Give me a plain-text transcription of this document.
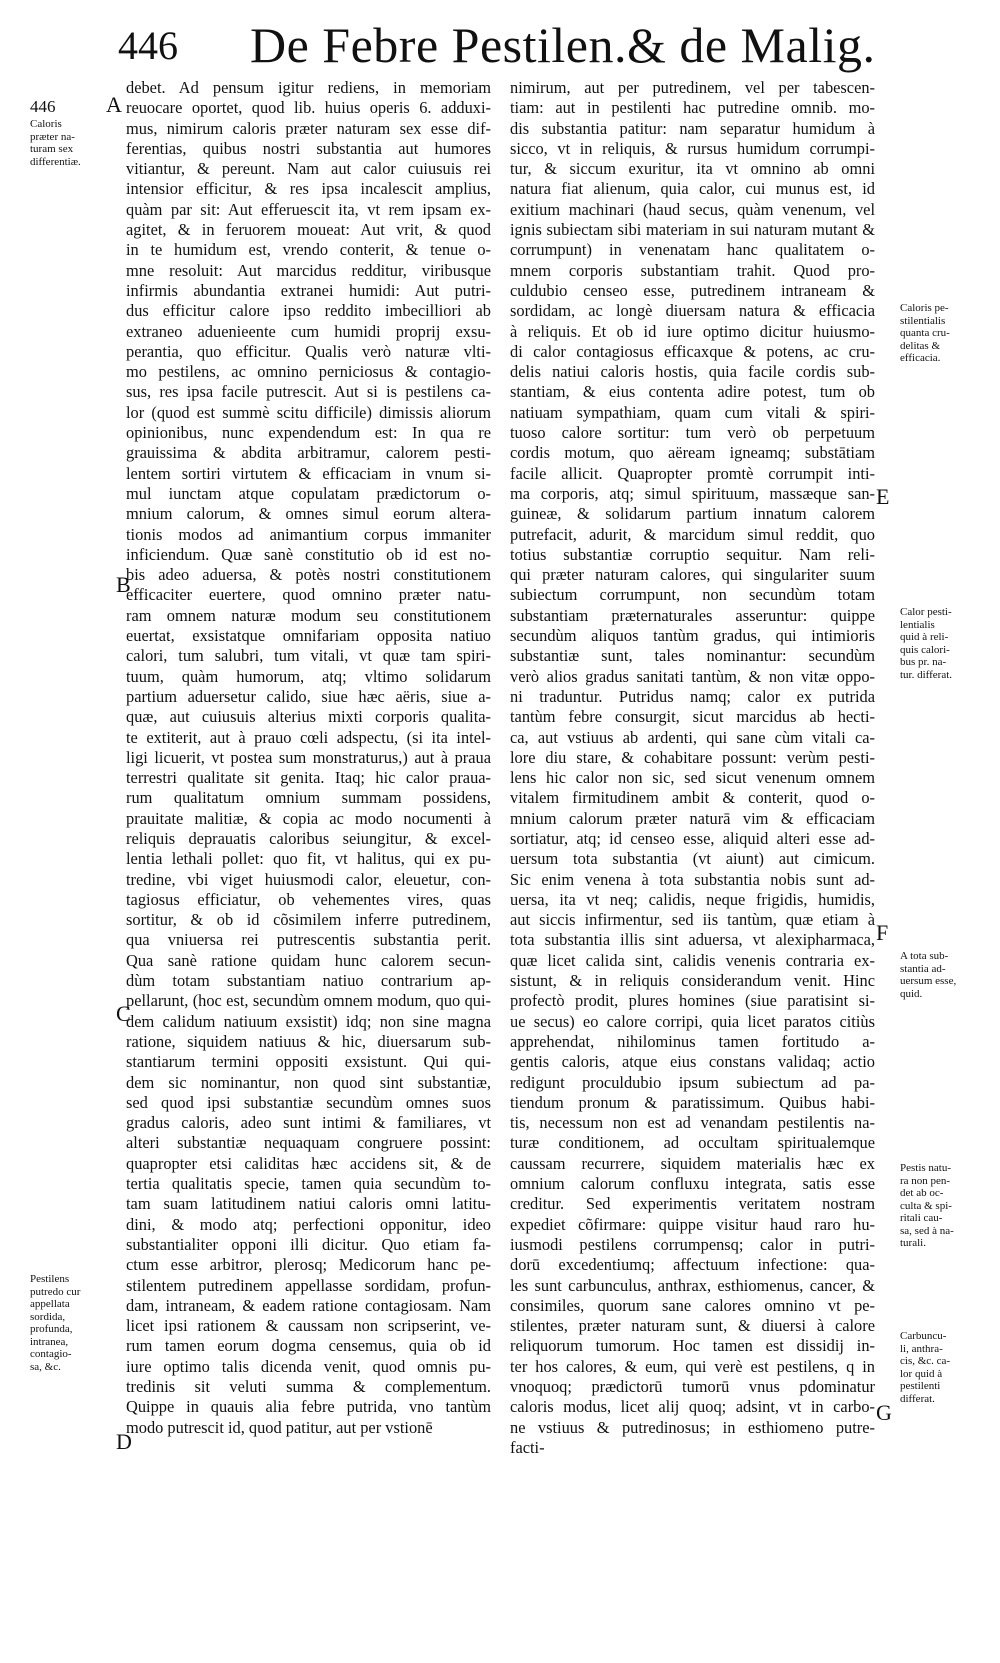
446 De Febre Pestilen.& de Malig.
446
Caloris
præter na-
turam sex
differentiæ.
Pestilens
putredo cur
appellata
sordida,
profunda,
intranea,
contagio-
sa, &c.
Caloris pe-
stilentialis
quanta cru-
delitas &
efficacia.
Calor pesti-
lentialis
quid à reli-
quis calori-
bus pr. na-
tur. differat.
A tota sub-
stantia ad-
uersum esse,
quid.
Pestis natu-
ra non pen-
det ab oc-
culta & spi-
ritali cau-
sa, sed à na-
turali.
Carbuncu-
li, anthra-
cis, &c. ca-
lor quid à
pestilenti
differat.
A
B
C
D
E
F
G
debet. Ad pensum igitur rediens, in memoriam
reuocare oportet, quod lib. huius operis 6. adduxi-
mus, nimirum caloris præter naturam sex esse dif-
ferentias, quibus nostri substantia aut humores
vitiantur, & pereunt. Nam aut calor cuiusuis rei
intensior efficitur, & res ipsa incalescit amplius,
quàm par sit: Aut efferuescit ita, vt rem ipsam ex-
agitet, & in feruorem moueat: Aut vrit, & quod
in te humidum est, vrendo conterit, & tenue o-
mne resoluit: Aut marcidus redditur, viribusque
infirmis abundantia extranei humidi: Aut putri-
dus efficitur calore ipso reddito imbecilliori ab
extraneo aduenieente cum humidi proprij exsu-
perantia, quo efficitur. Qualis verò naturæ vlti-
mo pestilens, ac omnino perniciosus & contagio-
sus, res ipsa facile putrescit. Aut si is pestilens ca-
lor (quod est summè scitu difficile) dimissis aliorum
opinionibus, nunc expendendum est: In qua re
grauissima & abdita arbitramur, calorem pesti-
lentem sortiri virtutem & efficaciam in vnum si-
mul iunctam atque copulatam prædictorum o-
mnium calorum, & omnes simul eorum altera-
tionis modos ad animantium corpus immaniter
inficiendum. Quæ sanè constitutio ob id est no-
bis adeo aduersa, & potès nostri constitutionem
efficaciter euertere, quod omnino præter natu-
ram omnem naturæ modum seu constitutionem
euertat, exsistatque omnifariam opposita natiuo
calori, tum salubri, tum vitali, vt quæ tam spiri-
tuum, quàm humorum, atq; vltimo solidarum
partium aduersetur calido, siue hæc aëris, siue a-
quæ, aut cuiusuis alterius mixti corporis qualita-
te extiterit, aut à prauo cœli adspectu, (si ita intel-
ligi licuerit, vt postea sum monstraturus,) aut à praua
terrestri qualitate sit genita. Itaq; hic calor praua-
rum qualitatum omnium summam possidens,
prauitate malitiæ, & copia ac modo nocumenti à
reliquis deprauatis caloribus seiungitur, & excel-
lentia lethali pollet: quo fit, vt halitus, qui ex pu-
tredine, vbi viget huiusmodi calor, eleuetur, con-
tagiosus efficiatur, ob vehementes vires, quas
sortitur, & ob id cõsimilem inferre putredinem,
qua vniuersa rei putrescentis substantia perit.
Qua sanè ratione quidam hunc calorem secun-
dùm totam substantiam natiuo contrarium ap-
pellarunt, (hoc est, secundùm omnem modum, quo qui-
dem calidum natiuum exsistit) idq; non sine magna
ratione, siquidem natiuus & hic, diuersarum sub-
stantiarum termini oppositi exsistunt. Qui qui-
dem sic nominantur, non quod sint substantiæ,
sed quod ipsi substantiæ secundùm omnes suos
gradus caloris, adeo sunt intimi & familiares, vt
alteri substantiæ nequaquam congruere possint:
quapropter etsi caliditas hæc accidens sit, & de
tertia qualitatis specie, tamen quia secundùm to-
tam suam latitudinem natiui caloris omni latitu-
dini, & modo atq; perfectioni opponitur, ideo
substantialiter opponi illi dicitur. Quo etiam fa-
ctum esse arbitror, plerosq; Medicorum hanc pe-
stilentem putredinem appellasse sordidam, profun-
dam, intraneam, & eadem ratione contagiosam. Nam
licet ipsi rationem & caussam non scripserint, ve-
rum tamen eorum dogma censemus, quia ob id
iure optimo talis dicenda venit, quod omnis pu-
tredinis sit veluti summa & complementum.
Quippe in quauis alia febre putrida, vno tantùm
modo putrescit id, quod patitur, aut per vstionē
nimirum, aut per putredinem, vel per tabescen-
tiam: aut in pestilenti hac putredine omnib. mo-
dis substantia patitur: nam separatur humidum à
sicco, vt in reliquis, & rursus humidum corrumpi-
tur, & siccum exuritur, ita vt omnino ab omni
natura fiat alienum, quia calor, cui munus est, id
exitium machinari (haud secus, quàm venenum, vel
ignis subiectam sibi materiam in sui naturam mutant &
corrumpunt) in venenatam hanc qualitatem o-
mnem corporis substantiam trahit. Quod pro-
culdubio censeo esse, putredinem intraneam &
sordidam, ac longè diuersam natura & efficacia
à reliquis. Et ob id iure optimo dicitur huiusmo-
di calor contagiosus efficaxque & potens, ac cru-
delis natiui caloris hostis, quia facile cordis sub-
stantiam, & eius contenta adire potest, tum ob
natiuam sympathiam, quam cum vitali & spiri-
tuoso calore sortitur: tum verò ob perpetuum
cordis motum, quo aëream igneamq; substātiam
facile allicit. Quapropter promtè corrumpit inti-
ma corporis, atq; simul spirituum, massæque san-
guineæ, & solidarum partium innatum calorem
putrefacit, adurit, & marcidum simul reddit, quo
totius substantiæ corruptio sequitur. Nam reli-
qui præter naturam calores, qui singulariter suum
subiectum corrumpunt, non secundùm totam
substantiam præternaturales asseruntur: quippe
secundùm aliquos tantùm gradus, qui intimioris
substantiæ sunt, tales nominantur: secundùm
verò alios gradus sanitati tantùm, & non vitæ oppo-
ni traduntur. Putridus namq; calor ex putrida
tantùm febre consurgit, sicut marcidus ab hecti-
ca, aut vstiuus ab ardenti, qui sane cùm vitali ca-
lore diu stare, & cohabitare possunt: verùm pesti-
lens hic calor non sic, sed sicut venenum omnem
vitalem firmitudinem ambit & conterit, quod o-
mnium calorum præter naturā vim & efficaciam
sortiatur, atq; id censeo esse, aliquid alteri esse ad-
uersum tota substantia (vt aiunt) aut cimicum.
Sic enim venena à tota substantia nobis sunt ad-
uersa, ita vt neq; calidis, neque frigidis, humidis,
aut siccis infirmentur, sed iis tantùm, quæ etiam à
tota substantia illis sint aduersa, vt alexipharmaca,
quæ licet calida sint, calidis venenis contraria ex-
sistunt, & in reliquis considerandum venit. Hinc
profectò prodit, plures homines (siue paratisint si-
ue secus) eo calore corripi, quia licet paratos citiùs
apprehendat, nihilominus tamen fortitudo a-
gentis caloris, atque eius constans validaq; actio
redigunt proculdubio ipsum subiectum ad pa-
tiendum pronum & paratissimum. Quibus habi-
tis, necessum non est ad venandam pestilentis na-
turæ conditionem, ad occultam spiritualemque
caussam recurrere, siquidem materialis hæc ex
omnium calorum confluxu integrata, satis esse
creditur. Sed experimentis veritatem nostram
expediet cõfirmare: quippe visitur haud raro hu-
iusmodi pestilens corrumpensq; calor in putri-
dorū excedentiumq; affectuum infectione: qua-
les sunt carbunculus, anthrax, esthiomenus, cancer, &
consimiles, quorum sane calores omnino vt pe-
stilentes, præter naturam sunt, & diuersi à calore
reliquorum tumorum. Hoc tamen est dissidij in-
ter hos calores, & eum, qui verè est pestilens, q in
vnoquoq; prædictorū tumorū vnus pdominatur
caloris modus, licet alij quoq; adsint, vt in carbo-
ne vstiuus & putredinosus; in esthiomeno putre-
facti-
